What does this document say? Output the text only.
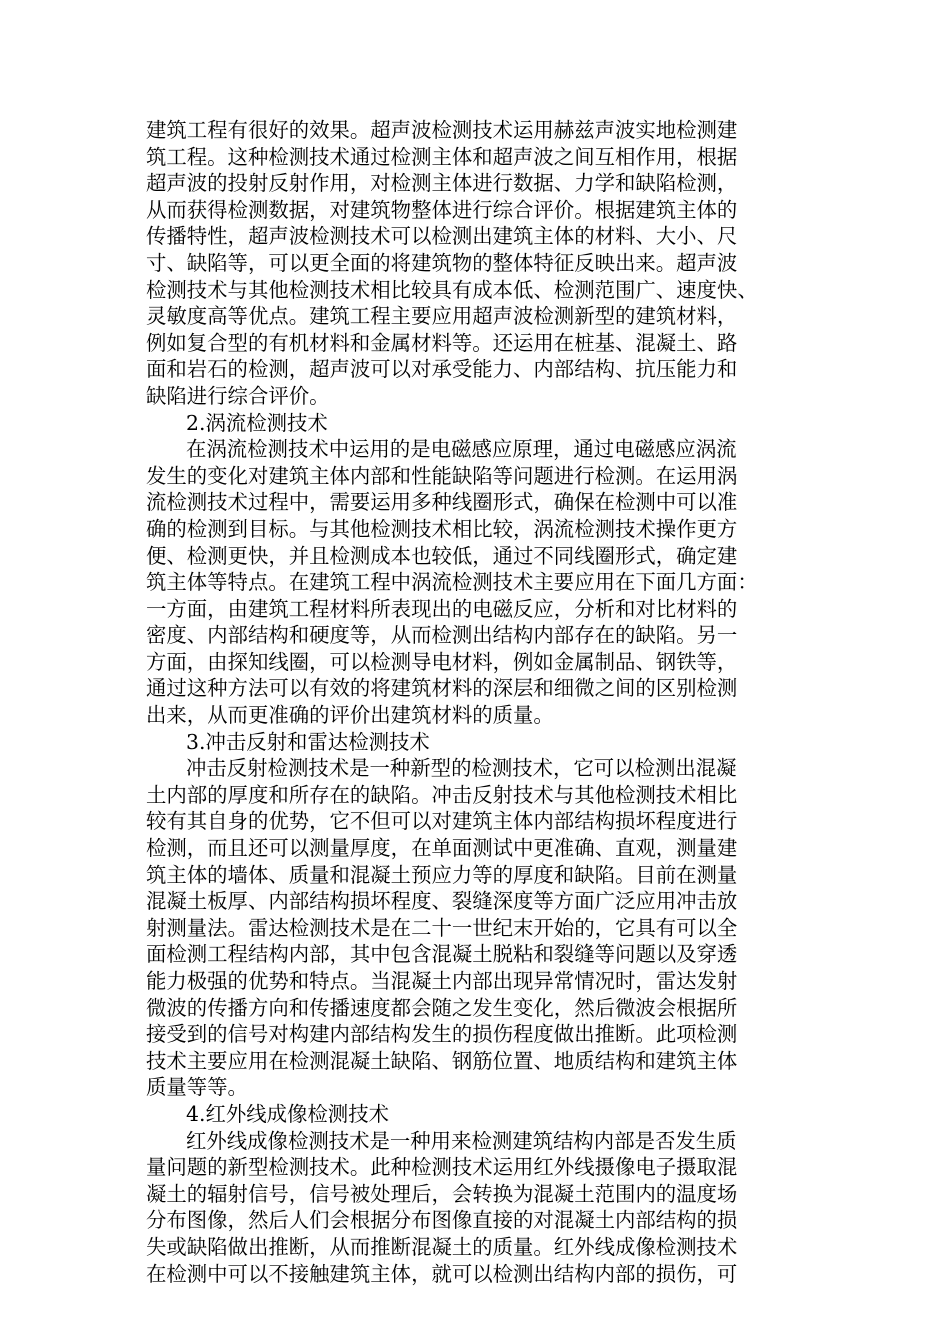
建筑工程有很好的效果。超声波检测技术运用赫兹声波实地检测建
筑工程。这种检测技术通过检测主体和超声波之间互相作用，根据
超声波的投射反射作用，对检测主体进行数据、力学和缺陷检测，
从而获得检测数据，对建筑物整体进行综合评价。根据建筑主体的
传播特性，超声波检测技术可以检测出建筑主体的材料、大小、尺
寸、缺陷等，可以更全面的将建筑物的整体特征反映出来。超声波
检测技术与其他检测技术相比较具有成本低、检测范围广、速度快、
灵敏度高等优点。建筑工程主要应用超声波检测新型的建筑材料，
例如复合型的有机材料和金属材料等。还运用在桩基、混凝土、路
面和岩石的检测，超声波可以对承受能力、内部结构、抗压能力和
缺陷进行综合评价。
2.涡流检测技术
在涡流检测技术中运用的是电磁感应原理，通过电磁感应涡流
发生的变化对建筑主体内部和性能缺陷等问题进行检测。在运用涡
流检测技术过程中，需要运用多种线圈形式，确保在检测中可以准
确的检测到目标。与其他检测技术相比较，涡流检测技术操作更方
便、检测更快，并且检测成本也较低，通过不同线圈形式，确定建
筑主体等特点。在建筑工程中涡流检测技术主要应用在下面几方面：
一方面，由建筑工程材料所表现出的电磁反应，分析和对比材料的
密度、内部结构和硬度等，从而检测出结构内部存在的缺陷。另一
方面，由探知线圈，可以检测导电材料，例如金属制品、钢铁等，
通过这种方法可以有效的将建筑材料的深层和细微之间的区别检测
出来，从而更准确的评价出建筑材料的质量。
3.冲击反射和雷达检测技术
冲击反射检测技术是一种新型的检测技术，它可以检测出混凝
土内部的厚度和所存在的缺陷。冲击反射技术与其他检测技术相比
较有其自身的优势，它不但可以对建筑主体内部结构损坏程度进行
检测，而且还可以测量厚度，在单面测试中更准确、直观，测量建
筑主体的墙体、质量和混凝土预应力等的厚度和缺陷。目前在测量
混凝土板厚、内部结构损坏程度、裂缝深度等方面广泛应用冲击放
射测量法。雷达检测技术是在二十一世纪末开始的，它具有可以全
面检测工程结构内部，其中包含混凝土脱粘和裂缝等问题以及穿透
能力极强的优势和特点。当混凝土内部出现异常情况时，雷达发射
微波的传播方向和传播速度都会随之发生变化，然后微波会根据所
接受到的信号对构建内部结构发生的损伤程度做出推断。此项检测
技术主要应用在检测混凝土缺陷、钢筋位置、地质结构和建筑主体
质量等等。
4.红外线成像检测技术
红外线成像检测技术是一种用来检测建筑结构内部是否发生质
量问题的新型检测技术。此种检测技术运用红外线摄像电子摄取混
凝土的辐射信号，信号被处理后，会转换为混凝土范围内的温度场
分布图像，然后人们会根据分布图像直接的对混凝土内部结构的损
失或缺陷做出推断，从而推断混凝土的质量。红外线成像检测技术
在检测中可以不接触建筑主体，就可以检测出结构内部的损伤，可
